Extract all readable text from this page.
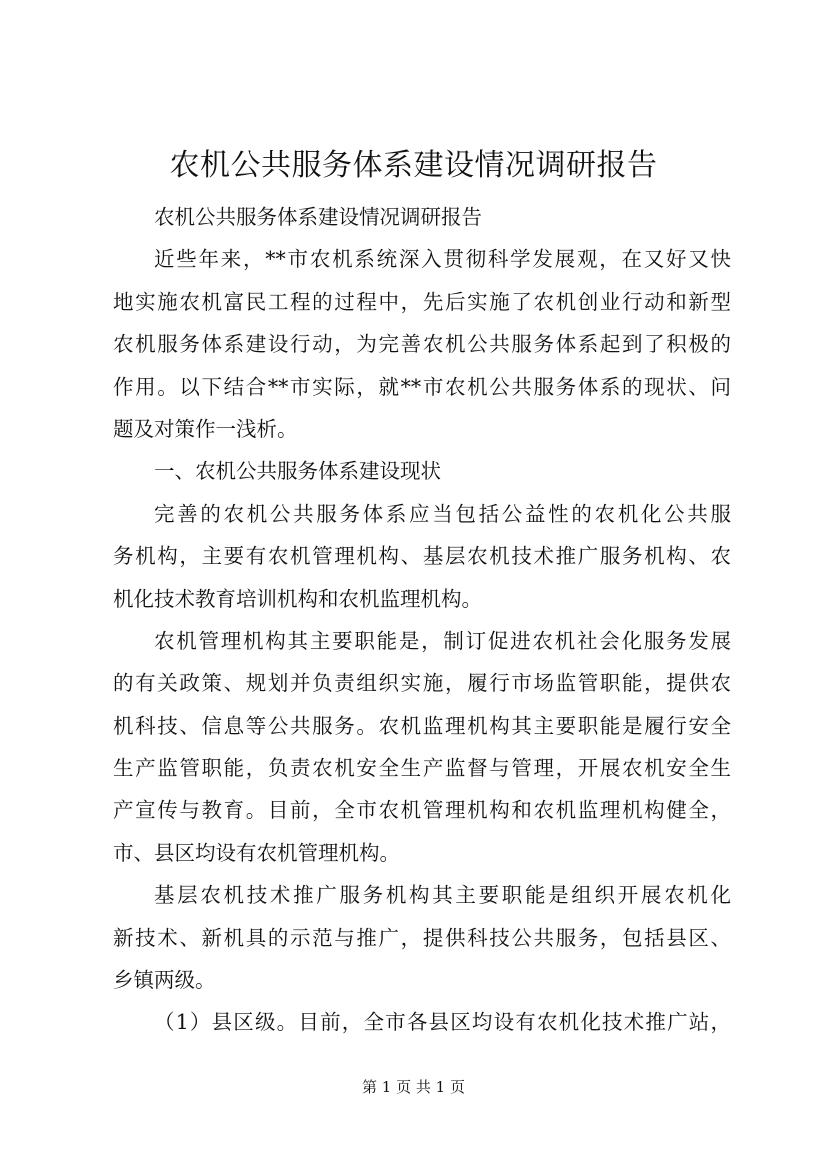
农机公共服务体系建设情况调研报告
农机公共服务体系建设情况调研报告
近些年来，**市农机系统深入贯彻科学发展观，在又好又快
地实施农机富民工程的过程中，先后实施了农机创业行动和新型
农机服务体系建设行动，为完善农机公共服务体系起到了积极的
作用。以下结合**市实际，就**市农机公共服务体系的现状、问
题及对策作一浅析。
一、农机公共服务体系建设现状
完善的农机公共服务体系应当包括公益性的农机化公共服
务机构，主要有农机管理机构、基层农机技术推广服务机构、农
机化技术教育培训机构和农机监理机构。
农机管理机构其主要职能是，制订促进农机社会化服务发展
的有关政策、规划并负责组织实施，履行市场监管职能，提供农
机科技、信息等公共服务。农机监理机构其主要职能是履行安全
生产监管职能，负责农机安全生产监督与管理，开展农机安全生
产宣传与教育。目前，全市农机管理机构和农机监理机构健全，
市、县区均设有农机管理机构。
基层农机技术推广服务机构其主要职能是组织开展农机化
新技术、新机具的示范与推广，提供科技公共服务，包括县区、
乡镇两级。
（1）县区级。目前，全市各县区均设有农机化技术推广站，
第 1 页 共 1 页
